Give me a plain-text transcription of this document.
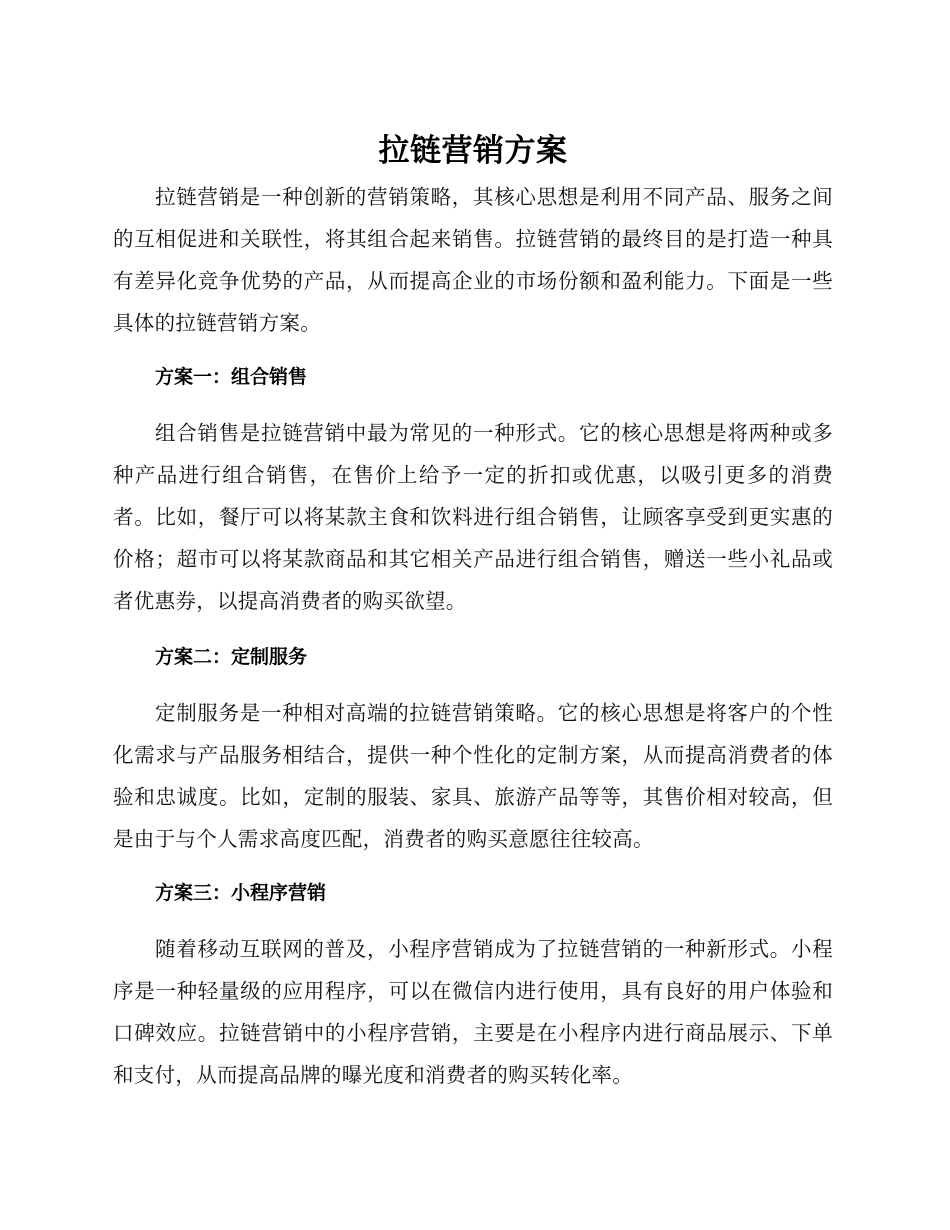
拉链营销方案

拉链营销是一种创新的营销策略，其核心思想是利用不同产品、服务之间的互相促进和关联性，将其组合起来销售。拉链营销的最终目的是打造一种具有差异化竞争优势的产品，从而提高企业的市场份额和盈利能力。下面是一些具体的拉链营销方案。

方案一：组合销售

组合销售是拉链营销中最为常见的一种形式。它的核心思想是将两种或多种产品进行组合销售，在售价上给予一定的折扣或优惠，以吸引更多的消费者。比如，餐厅可以将某款主食和饮料进行组合销售，让顾客享受到更实惠的价格；超市可以将某款商品和其它相关产品进行组合销售，赠送一些小礼品或者优惠券，以提高消费者的购买欲望。

方案二：定制服务

定制服务是一种相对高端的拉链营销策略。它的核心思想是将客户的个性化需求与产品服务相结合，提供一种个性化的定制方案，从而提高消费者的体验和忠诚度。比如，定制的服装、家具、旅游产品等等，其售价相对较高，但是由于与个人需求高度匹配，消费者的购买意愿往往较高。

方案三：小程序营销

随着移动互联网的普及，小程序营销成为了拉链营销的一种新形式。小程序是一种轻量级的应用程序，可以在微信内进行使用，具有良好的用户体验和口碑效应。拉链营销中的小程序营销，主要是在小程序内进行商品展示、下单和支付，从而提高品牌的曝光度和消费者的购买转化率。
